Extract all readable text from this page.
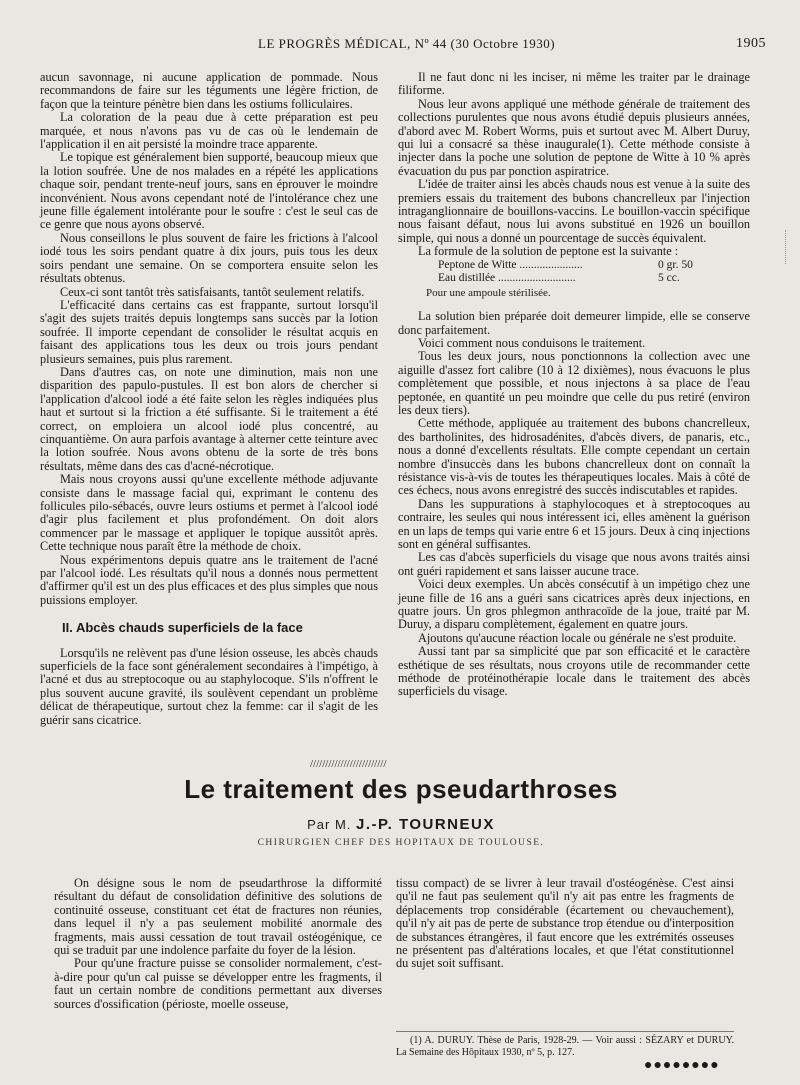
LE PROGRÈS MÉDICAL, Nº 44 (30 Octobre 1930)	1905

aucun savonnage, ni aucune application de pommade. Nous recommandons de faire sur les téguments une légère friction, de façon que la teinture pénètre bien dans les ostiums folliculaires.

La coloration de la peau due à cette préparation est peu marquée, et nous n'avons pas vu de cas où le lendemain de l'application il en ait persisté la moindre trace apparente.

Le topique est généralement bien supporté, beaucoup mieux que la lotion soufrée. Une de nos malades en a répété les applications chaque soir, pendant trente-neuf jours, sans en éprouver le moindre inconvénient. Nous avons cependant noté de l'intolérance chez une jeune fille également intolérante pour le soufre : c'est le seul cas de ce genre que nous ayons observé.

Nous conseillons le plus souvent de faire les frictions à l'alcool iodé tous les soirs pendant quatre à dix jours, puis tous les deux soirs pendant une semaine. On se comportera ensuite selon les résultats obtenus.

Ceux-ci sont tantôt très satisfaisants, tantôt seulement relatifs.

L'efficacité dans certains cas est frappante, surtout lorsqu'il s'agit des sujets traités depuis longtemps sans succès par la lotion soufrée. Il importe cependant de consolider le résultat acquis en faisant des applications tous les deux ou trois jours pendant plusieurs semaines, puis plus rarement.

Dans d'autres cas, on note une diminution, mais non une disparition des papulo-pustules. Il est bon alors de chercher si l'application d'alcool iodé a été faite selon les règles indiquées plus haut et surtout si la friction a été suffisante. Si le traitement a été correct, on emploiera un alcool iodé plus concentré, au cinquantième. On aura parfois avantage à alterner cette teinture avec la lotion soufrée. Nous avons obtenu de la sorte de très bons résultats, même dans des cas d'acné-nécrotique.

Mais nous croyons aussi qu'une excellente méthode adjuvante consiste dans le massage facial qui, exprimant le contenu des follicules pilo-sébacés, ouvre leurs ostiums et permet à l'alcool iodé d'agir plus facilement et plus profondément. On doit alors commencer par le massage et appliquer le topique aussitôt après. Cette technique nous paraît être la méthode de choix.

Nous expérimentons depuis quatre ans le traitement de l'acné par l'alcool iodé. Les résultats qu'il nous a donnés nous permettent d'affirmer qu'il est un des plus efficaces et des plus simples que nous puissions employer.

II. Abcès chauds superficiels de la face

Lorsqu'ils ne relèvent pas d'une lésion osseuse, les abcès chauds superficiels de la face sont généralement secondaires à l'impétigo, à l'acné et dus au streptocoque ou au staphylocoque. S'ils n'offrent le plus souvent aucune gravité, ils soulèvent cependant un problème délicat de thérapeutique, surtout chez la femme: car il s'agit de les guérir sans cicatrice.

Il ne faut donc ni les inciser, ni même les traiter par le drainage filiforme.

Nous leur avons appliqué une méthode générale de traitement des collections purulentes que nous avons étudié depuis plusieurs années, d'abord avec M. Robert Worms, puis et surtout avec M. Albert Duruy, qui lui a consacré sa thèse inaugurale(1). Cette méthode consiste à injecter dans la poche une solution de peptone de Witte à 10 % après évacuation du pus par ponction aspiratrice.

L'idée de traiter ainsi les abcès chauds nous est venue à la suite des premiers essais du traitement des bubons chancrelleux par l'injection intraganglionnaire de bouillons-vaccins. Le bouillon-vaccin spécifique nous faisant défaut, nous lui avons substitué en 1926 un bouillon simple, qui nous a donné un pourcentage de succès équivalent.

La formule de la solution de peptone est la suivante :

Peptone de Witte ......................	0 gr. 50
Eau distillée ...........................	5 cc.
Pour une ampoule stérilisée.

La solution bien préparée doit demeurer limpide, elle se conserve donc parfaitement.

Voici comment nous conduisons le traitement.

Tous les deux jours, nous ponctionnons la collection avec une aiguille d'assez fort calibre (10 à 12 dixièmes), nous évacuons le plus complètement que possible, et nous injectons à sa place de l'eau peptonée, en quantité un peu moindre que celle du pus retiré (environ les deux tiers).

Cette méthode, appliquée au traitement des bubons chancrelleux, des bartholinites, des hidrosadénites, d'abcès divers, de panaris, etc., nous a donné d'excellents résultats. Elle compte cependant un certain nombre d'insuccès dans les bubons chancrelleux dont on connaît la résistance vis-à-vis de toutes les thérapeutiques locales. Mais à côté de ces échecs, nous avons enregistré des succès indiscutables et rapides.

Dans les suppurations à staphylocoques et à streptocoques au contraire, les seules qui nous intéressent ici, elles amènent la guérison en un laps de temps qui varie entre 6 et 15 jours. Deux à cinq injections sont en général suffisantes.

Les cas d'abcès superficiels du visage que nous avons traités ainsi ont guéri rapidement et sans laisser aucune trace.

Voici deux exemples. Un abcès consécutif à un impétigo chez une jeune fille de 16 ans a guéri sans cicatrices après deux injections, en quatre jours. Un gros phlegmon anthracoïde de la joue, traité par M. Duruy, a disparu complètement, également en quatre jours.

Ajoutons qu'aucune réaction locale ou générale ne s'est produite.

Aussi tant par sa simplicité que par son efficacité et le caractère esthétique de ses résultats, nous croyons utile de recommander cette méthode de protéinothérapie locale dans le traitement des abcès superficiels du visage.

/////////////////////////
Le traitement des pseudarthroses
Par M. J.-P. TOURNEUX
CHIRURGIEN CHEF DES HOPITAUX DE TOULOUSE.

On désigne sous le nom de pseudarthrose la difformité résultant du défaut de consolidation définitive des solutions de continuité osseuse, constituant cet état de fractures non réunies, dans lequel il n'y a pas seulement mobilité anormale des fragments, mais aussi cessation de tout travail ostéogénique, ce qui se traduit par une indolence parfaite du foyer de la lésion.

Pour qu'une fracture puisse se consolider normalement, c'est-à-dire pour qu'un cal puisse se développer entre les fragments, il faut un certain nombre de conditions permettant aux diverses sources d'ossification (périoste, moelle osseuse,

tissu compact) de se livrer à leur travail d'ostéogénèse. C'est ainsi qu'il ne faut pas seulement qu'il n'y ait pas entre les fragments de déplacements trop considérable (écartement ou chevauchement), qu'il n'y ait pas de perte de substance trop étendue ou d'interposition de substances étrangères, il faut encore que les extrémités osseuses ne présentent pas d'altérations locales, et que l'état constitutionnel du sujet soit suffisant.

(1) A. DURUY. Thèse de Paris, 1928-29. — Voir aussi : SÉZARY et DURUY. La Semaine des Hôpitaux 1930, nº 5, p. 127.
●●●●●●●●
